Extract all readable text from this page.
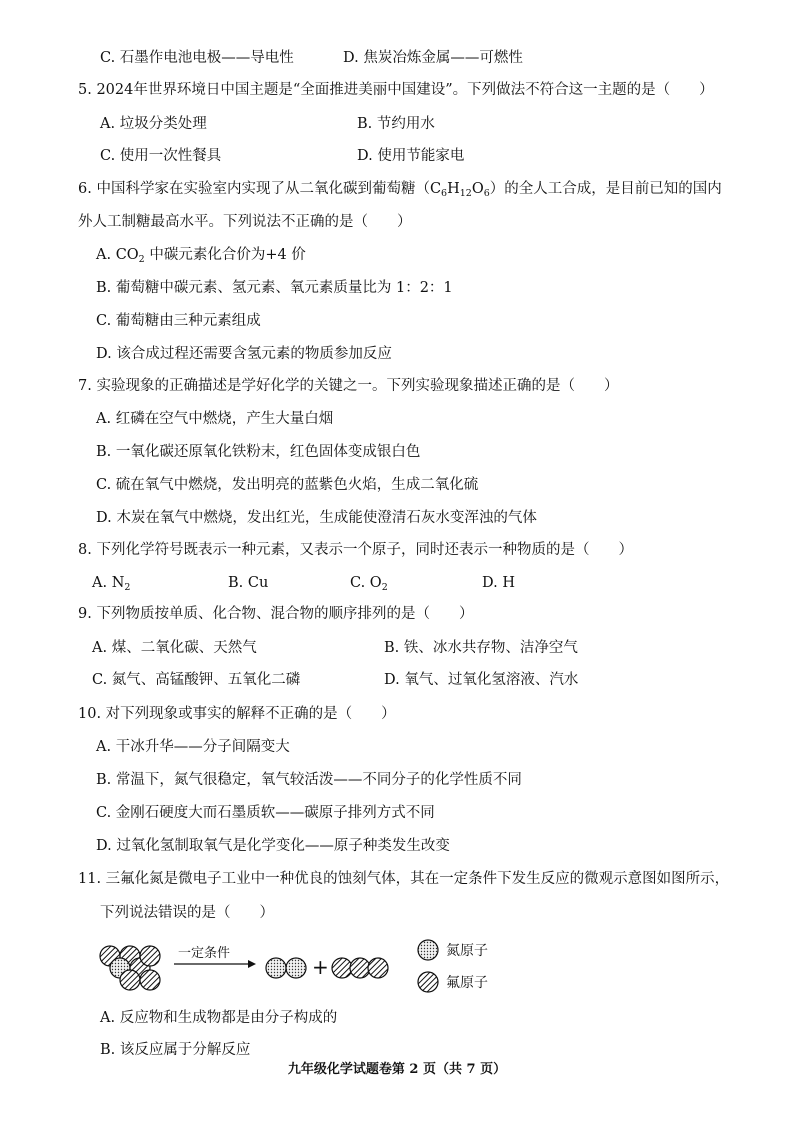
C. 石墨作电池电极——导电性	D. 焦炭冶炼金属——可燃性
5. 2024年世界环境日中国主题是“全面推进美丽中国建设”。下列做法不符合这一主题的是（　　）
A. 垃圾分类处理	B. 节约用水
C. 使用一次性餐具	D. 使用节能家电
6. 中国科学家在实验室内实现了从二氧化碳到葡萄糖$(C_6H_{12}O_6)$的全人工合成，是目前已知的国内
外人工制糖最高水平。下列说法不正确的是（　　）
A. $CO_2$ 中碳元素化合价为+4 价
B. 葡萄糖中碳元素、氢元素、氧元素质量比为 1：2：1
C. 葡萄糖由三种元素组成
D. 该合成过程还需要含氢元素的物质参加反应
7. 实验现象的正确描述是学好化学的关键之一。下列实验现象描述正确的是（　　）
A. 红磷在空气中燃烧，产生大量白烟
B. 一氧化碳还原氧化铁粉末，红色固体变成银白色
C. 硫在氧气中燃烧，发出明亮的蓝紫色火焰，生成二氧化硫
D. 木炭在氧气中燃烧，发出红光，生成能使澄清石灰水变浑浊的气体
8. 下列化学符号既表示一种元素，又表示一个原子，同时还表示一种物质的是（　　）
A. $N_2$	B. Cu	C. $O_2$	D. H
9. 下列物质按单质、化合物、混合物的顺序排列的是（　　）
A. 煤、二氧化碳、天然气	B. 铁、冰水共存物、洁净空气
C. 氮气、高锰酸钾、五氧化二磷	D. 氧气、过氧化氢溶液、汽水
10. 对下列现象或事实的解释不正确的是（　　）
A. 干冰升华——分子间隔变大
B. 常温下，氮气很稳定，氧气较活泼——不同分子的化学性质不同
C. 金刚石硬度大而石墨质软——碳原子排列方式不同
D. 过氧化氢制取氧气是化学变化——原子种类发生改变
11. 三氟化氮是微电子工业中一种优良的蚀刻气体，其在一定条件下发生反应的微观示意图如图所示，
下列说法错误的是（　　）
一定条件
+
氮原子
氟原子
A. 反应物和生成物都是由分子构成的
B. 该反应属于分解反应
九年级化学试题卷第 2 页（共 7 页）
